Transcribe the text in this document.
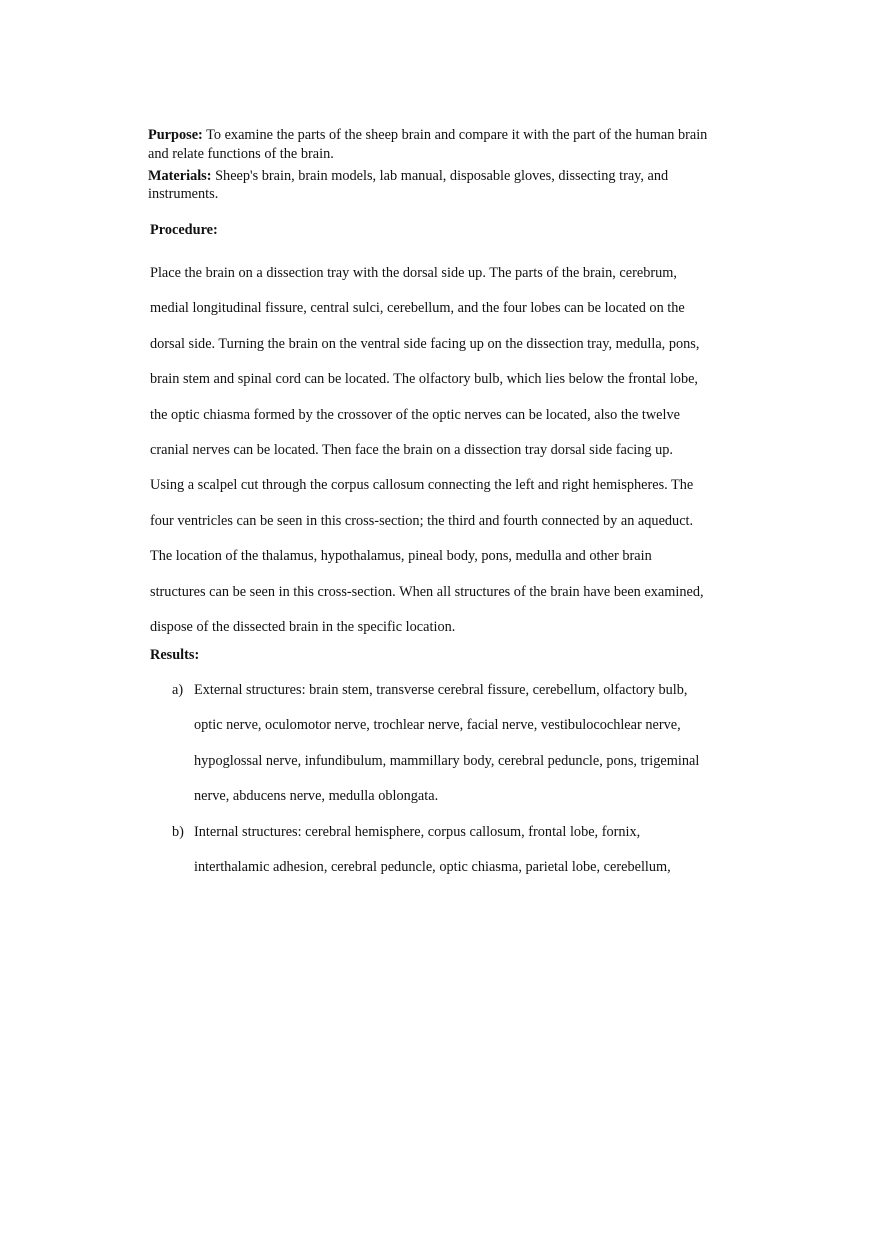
Purpose: To examine the parts of the sheep brain and compare it with the part of the human brain and relate functions of the brain.
Materials: Sheep's brain, brain models, lab manual, disposable gloves, dissecting tray, and instruments.
Procedure:

Place the brain on a dissection tray with the dorsal side up. The parts of the brain, cerebrum,
medial longitudinal fissure, central sulci, cerebellum, and the four lobes can be located on the
dorsal side. Turning the brain on the ventral side facing up on the dissection tray, medulla, pons,
brain stem and spinal cord can be located. The olfactory bulb, which lies below the frontal lobe,
the optic chiasma formed by the crossover of the optic nerves can be located, also the twelve
cranial nerves can be located. Then face the brain on a dissection tray dorsal side facing up.
Using a scalpel cut through the corpus callosum connecting the left and right hemispheres. The
four ventricles can be seen in this cross-section; the third and fourth connected by an aqueduct.
The location of the thalamus, hypothalamus, pineal body, pons, medulla and other brain
structures can be seen in this cross-section. When all structures of the brain have been examined,
dispose of the dissected brain in the specific location.

Results:
a) External structures: brain stem, transverse cerebral fissure, cerebellum, olfactory bulb,
optic nerve, oculomotor nerve, trochlear nerve, facial nerve, vestibulocochlear nerve,
hypoglossal nerve, infundibulum, mammillary body, cerebral peduncle, pons, trigeminal
nerve, abducens nerve, medulla oblongata.
b) Internal structures: cerebral hemisphere, corpus callosum, frontal lobe, fornix,
interthalamic adhesion, cerebral peduncle, optic chiasma, parietal lobe, cerebellum,
